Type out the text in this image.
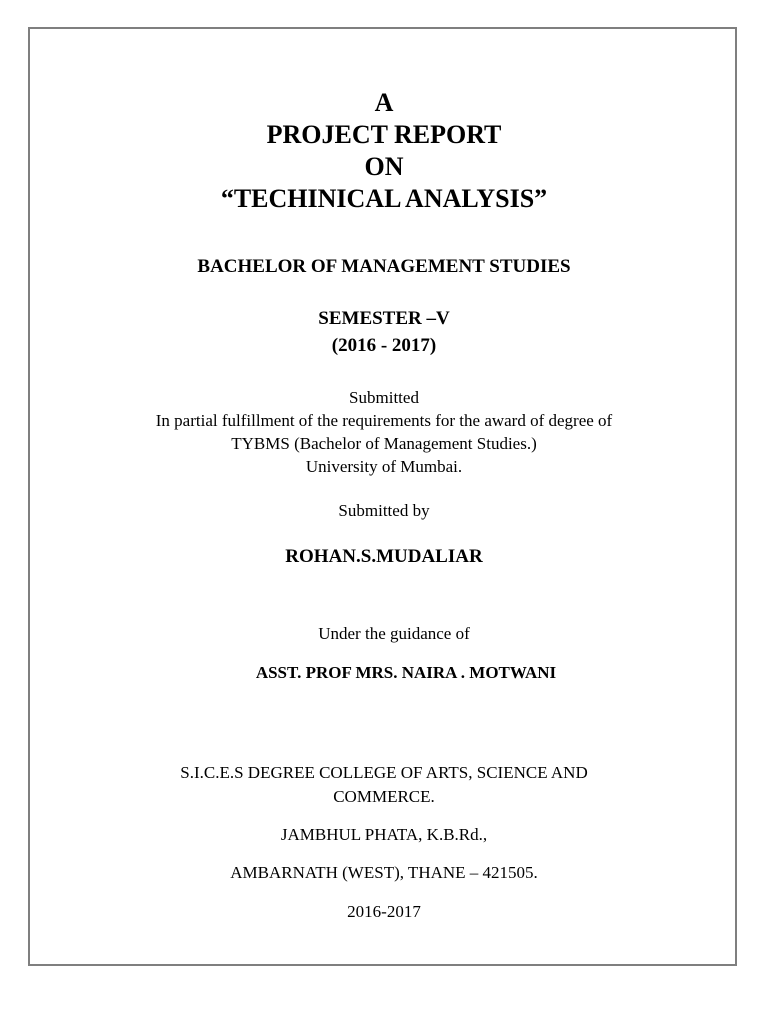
A
PROJECT REPORT
ON
“TECHINICAL ANALYSIS”
BACHELOR OF MANAGEMENT STUDIES
SEMESTER –V
(2016 - 2017)
Submitted
In partial fulfillment of the requirements for the award of degree of
TYBMS (Bachelor of Management Studies.)
University of Mumbai.
Submitted by
ROHAN.S.MUDALIAR
Under the guidance of
ASST. PROF MRS. NAIRA . MOTWANI
S.I.C.E.S DEGREE COLLEGE OF ARTS, SCIENCE AND
COMMERCE.
JAMBHUL PHATA, K.B.Rd.,
AMBARNATH (WEST), THANE – 421505.
2016-2017
